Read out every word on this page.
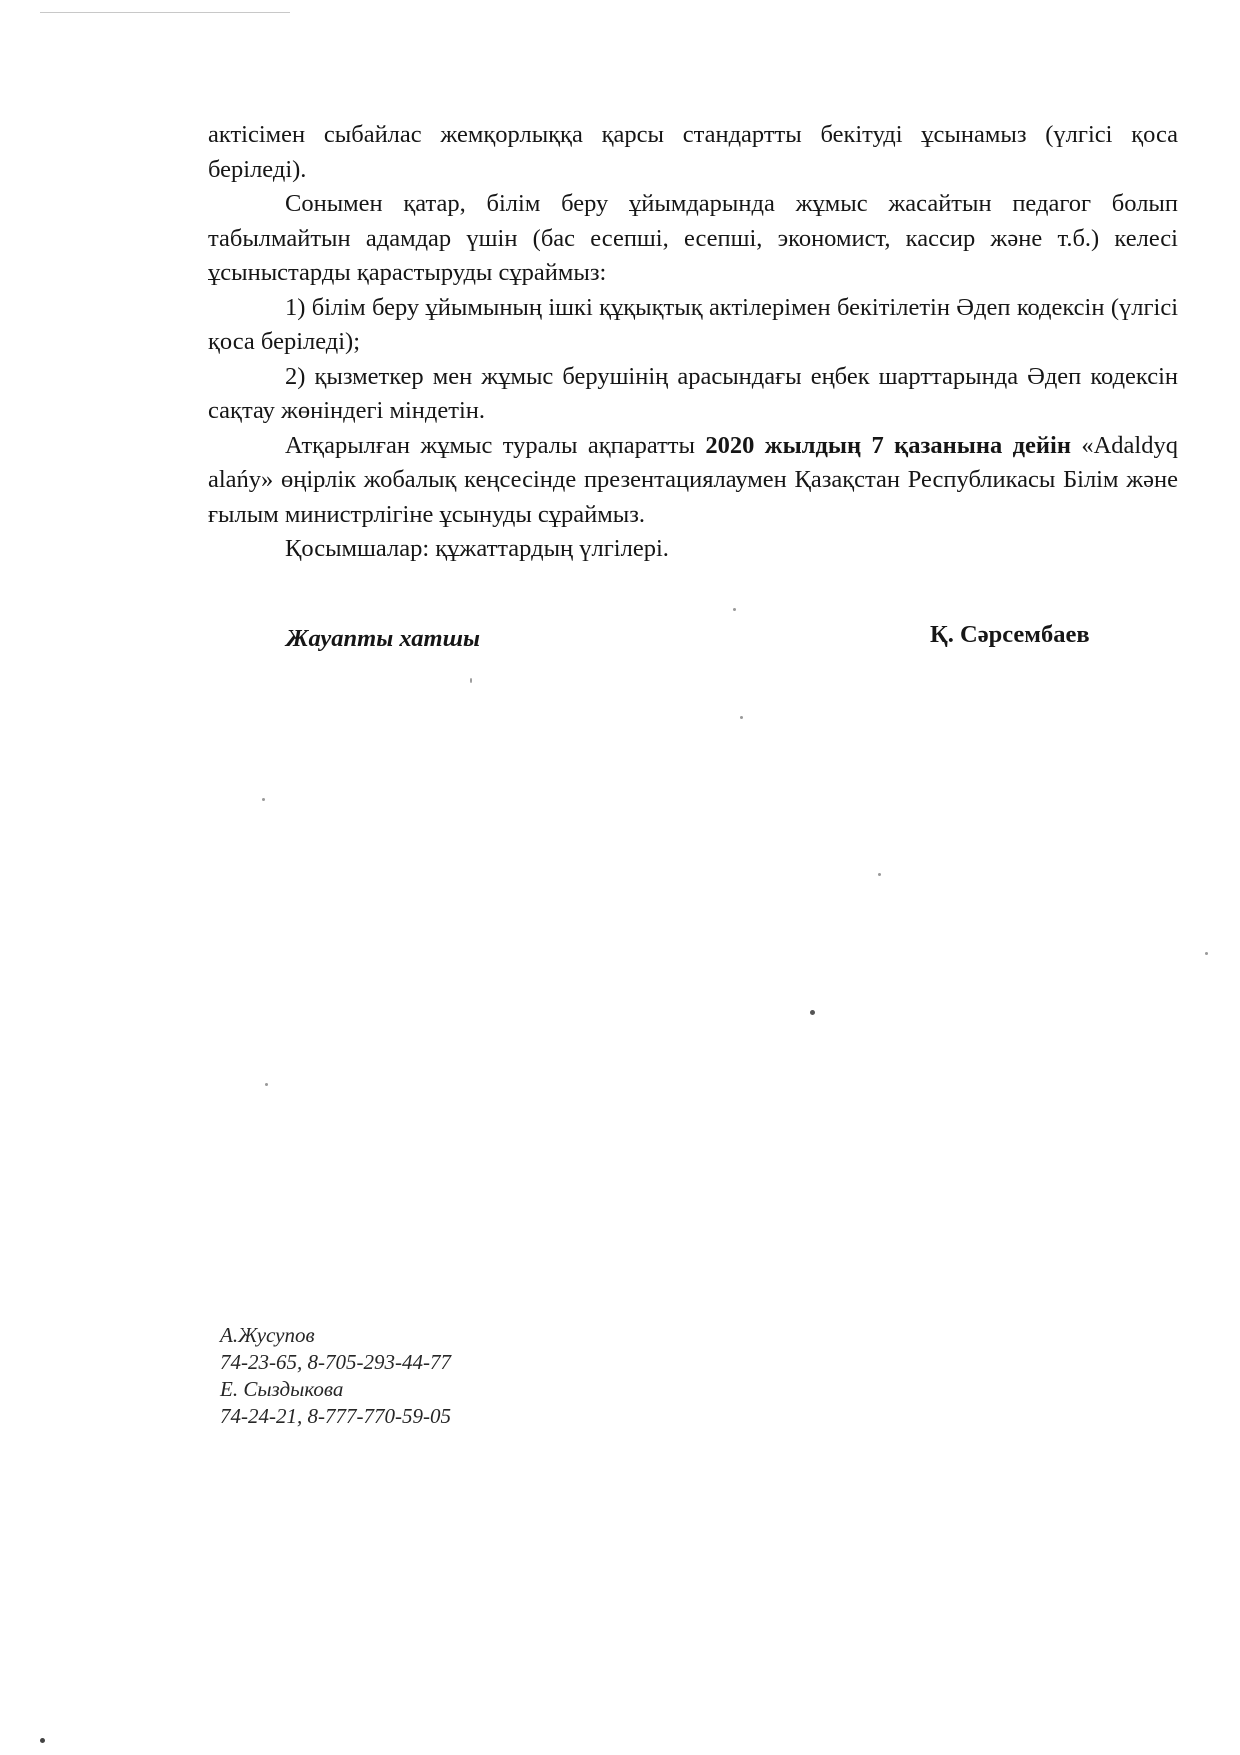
актісімен сыбайлас жемқорлыққа қарсы стандартты бекітуді ұсынамыз (үлгісі қоса беріледі).

Сонымен қатар, білім беру ұйымдарында жұмыс жасайтын педагог болып табылмайтын адамдар үшін (бас есепші, есепші, экономист, кассир және т.б.) келесі ұсыныстарды қарастыруды сұраймыз:

1) білім беру ұйымының ішкі құқықтық актілерімен бекітілетін Әдеп кодексін (үлгісі қоса беріледі);

2) қызметкер мен жұмыс берушінің арасындағы еңбек шарттарында Әдеп кодексін сақтау жөніндегі міндетін.

Атқарылған жұмыс туралы ақпаратты 2020 жылдың 7 қазанына дейін «Adaldyq alańy» өңірлік жобалық кеңсесінде презентациялаумен Қазақстан Республикасы Білім және ғылым министрлігіне ұсынуды сұраймыз.

Қосымшалар: құжаттардың үлгілері.

Жауапты хатшы	Қ. Сәрсембаев
А.Жусупов
74-23-65, 8-705-293-44-77
Е. Сыздыкова
74-24-21, 8-777-770-59-05
